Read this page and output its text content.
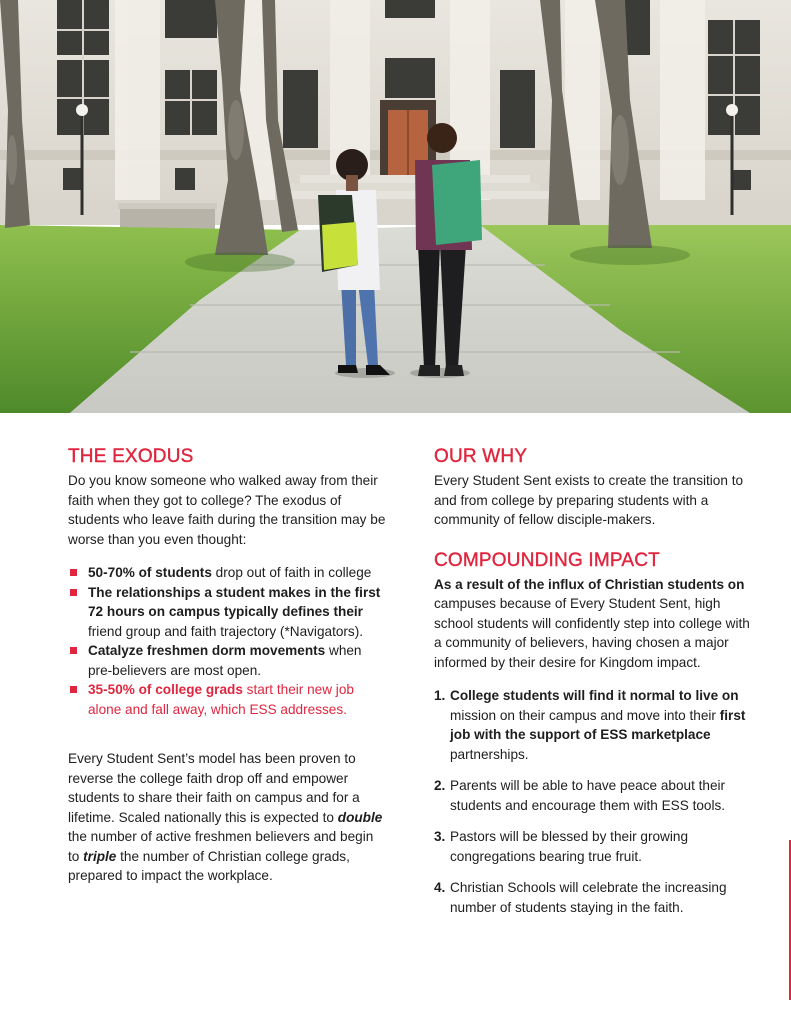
THE EXODUS

Do you know someone who walked away from their faith when they got to college? The exodus of students who leave faith during the transition may be worse than you even thought:

50-70% of students drop out of faith in college
The relationships a student makes in the first 72 hours on campus typically defines their friend group and faith trajectory (*Navigators).
Catalyze freshmen dorm movements when pre-believers are most open.
35-50% of college grads start their new job alone and fall away, which ESS addresses.

Every Student Sent’s model has been proven to reverse the college faith drop off and empower students to share their faith on campus and for a lifetime. Scaled nationally this is expected to double the number of active freshmen believers and begin to triple the number of Christian college grads, prepared to impact the workplace.

OUR WHY

Every Student Sent exists to create the transition to and from college by preparing students with a community of fellow disciple-makers.

COMPOUNDING IMPACT

As a result of the influx of Christian students on campuses because of Every Student Sent, high school students will confidently step into college with a community of believers, having chosen a major informed by their desire for Kingdom impact.

1. College students will find it normal to live on mission on their campus and move into their first job with the support of ESS marketplace partnerships.
2. Parents will be able to have peace about their students and encourage them with ESS tools.
3. Pastors will be blessed by their growing congregations bearing true fruit.
4. Christian Schools will celebrate the increasing number of students staying in the faith.
